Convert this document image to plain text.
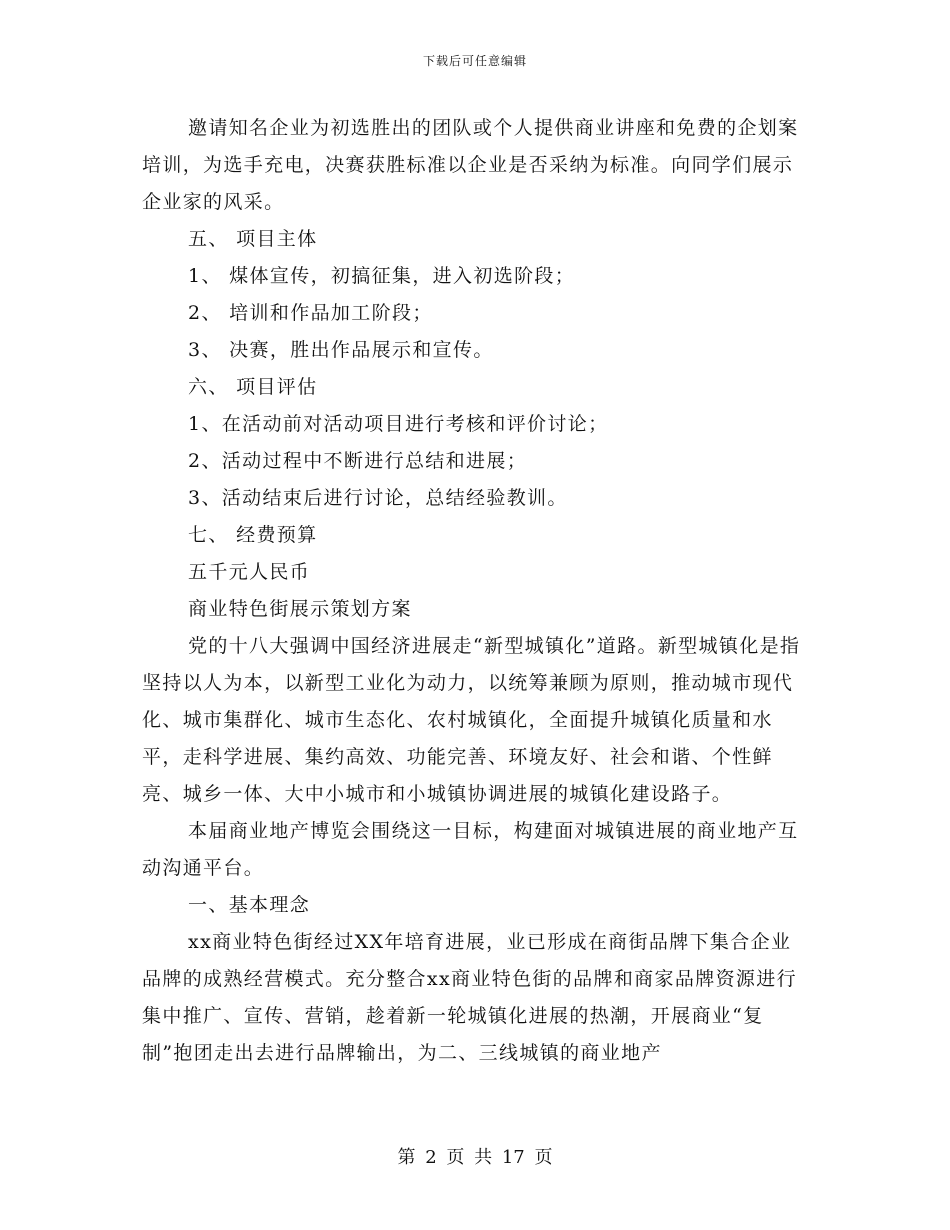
下载后可任意编辑

邀请知名企业为初选胜出的团队或个人提供商业讲座和免费的企划案培训，为选手充电，决赛获胜标准以企业是否采纳为标准。向同学们展示企业家的风采。

五、 项目主体

1、 煤体宣传，初搞征集，进入初选阶段；

2、 培训和作品加工阶段；

3、 决赛，胜出作品展示和宣传。

六、 项目评估

1、在活动前对活动项目进行考核和评价讨论；

2、活动过程中不断进行总结和进展；

3、活动结束后进行讨论，总结经验教训。

七、 经费预算

五千元人民币

商业特色街展示策划方案

党的十八大强调中国经济进展走“新型城镇化”道路。新型城镇化是指坚持以人为本，以新型工业化为动力，以统筹兼顾为原则，推动城市现代化、城市集群化、城市生态化、农村城镇化，全面提升城镇化质量和水平，走科学进展、集约高效、功能完善、环境友好、社会和谐、个性鲜亮、城乡一体、大中小城市和小城镇协调进展的城镇化建设路子。

本届商业地产博览会围绕这一目标，构建面对城镇进展的商业地产互动沟通平台。

一、基本理念

xx商业特色街经过XX年培育进展，业已形成在商街品牌下集合企业品牌的成熟经营模式。充分整合xx商业特色街的品牌和商家品牌资源进行集中推广、宣传、营销，趁着新一轮城镇化进展的热潮，开展商业“复制”抱团走出去进行品牌输出，为二、三线城镇的商业地产

第 2 页 共 17 页
